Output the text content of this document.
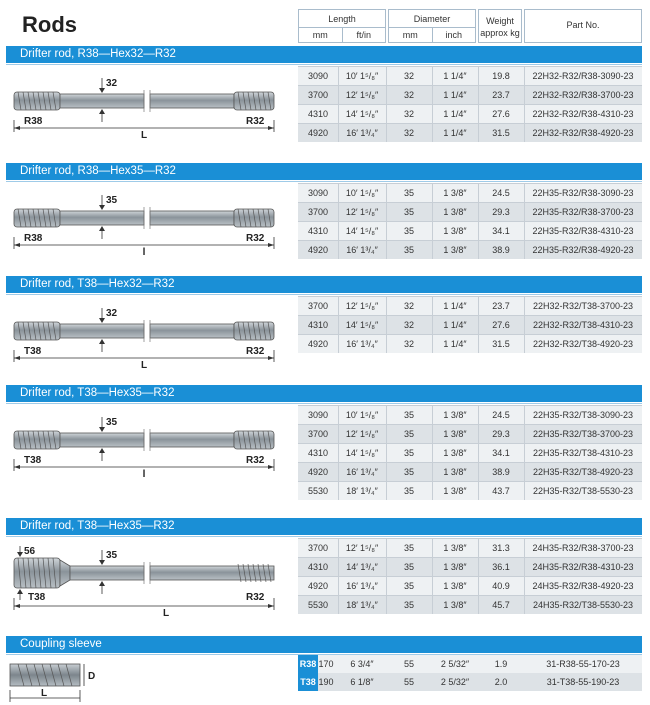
Rods	Length
mm	ft/in
Diameter
mm	inch
Weight
approx kg
Part No.
Drifter rod, R38—Hex32—R32
3090	10′ 1⁵/₈″	32	1 1/4″	19.8	22H32-R32/R38-3090-23
3700	12′ 1⁵/₈″	32	1 1/4″	23.7	22H32-R32/R38-3700-23
4310	14′ 1⁵/₈″	32	1 1/4″	27.6	22H32-R32/R38-4310-23
4920	16′ 1³/₄″	32	1 1/4″	31.5	22H32-R32/R38-4920-23
32
R38	R32
L
Drifter rod, R38—Hex35—R32
3090	10′ 1⁵/₈″	35	1 3/8″	24.5	22H35-R32/R38-3090-23
3700	12′ 1⁵/₈″	35	1 3/8″	29.3	22H35-R32/R38-3700-23
4310	14′ 1⁵/₈″	35	1 3/8″	34.1	22H35-R32/R38-4310-23
4920	16′ 1³/₄″	35	1 3/8″	38.9	22H35-R32/R38-4920-23
35
R38	R32
l
Drifter rod, T38—Hex32—R32
3700	12′ 1⁵/₈″	32	1 1/4″	23.7	22H32-R32/T38-3700-23
4310	14′ 1⁵/₈″	32	1 1/4″	27.6	22H32-R32/T38-4310-23
4920	16′ 1³/₄″	32	1 1/4″	31.5	22H32-R32/T38-4920-23
32
T38	R32
L
Drifter rod, T38—Hex35—R32
3090	10′ 1⁵/₈″	35	1 3/8″	24.5	22H35-R32/T38-3090-23
3700	12′ 1⁵/₈″	35	1 3/8″	29.3	22H35-R32/T38-3700-23
4310	14′ 1⁵/₈″	35	1 3/8″	34.1	22H35-R32/T38-4310-23
4920	16′ 1³/₄″	35	1 3/8″	38.9	22H35-R32/T38-4920-23
5530	18′ 1³/₄″	35	1 3/8″	43.7	22H35-R32/T38-5530-23
35
T38	R32
l
Drifter rod, T38—Hex35—R32
3700	12′ 1⁵/₈″	35	1 3/8″	31.3	24H35-R32/R38-3700-23
4310	14′ 1³/₄″	35	1 3/8″	36.1	24H35-R32/R38-4310-23
4920	16′ 1³/₄″	35	1 3/8″	40.9	24H35-R32/R38-4920-23
5530	18′ 1³/₄″	35	1 3/8″	45.7	24H35-R32/T38-5530-23
35
56
T38	R32
L
Coupling sleeve
R38 170	6 3/4″	55	2 5/32″	1.9	31-R38-55-170-23
T38 190	6 1/8″	55	2 5/32″	2.0	31-T38-55-190-23
L
D
